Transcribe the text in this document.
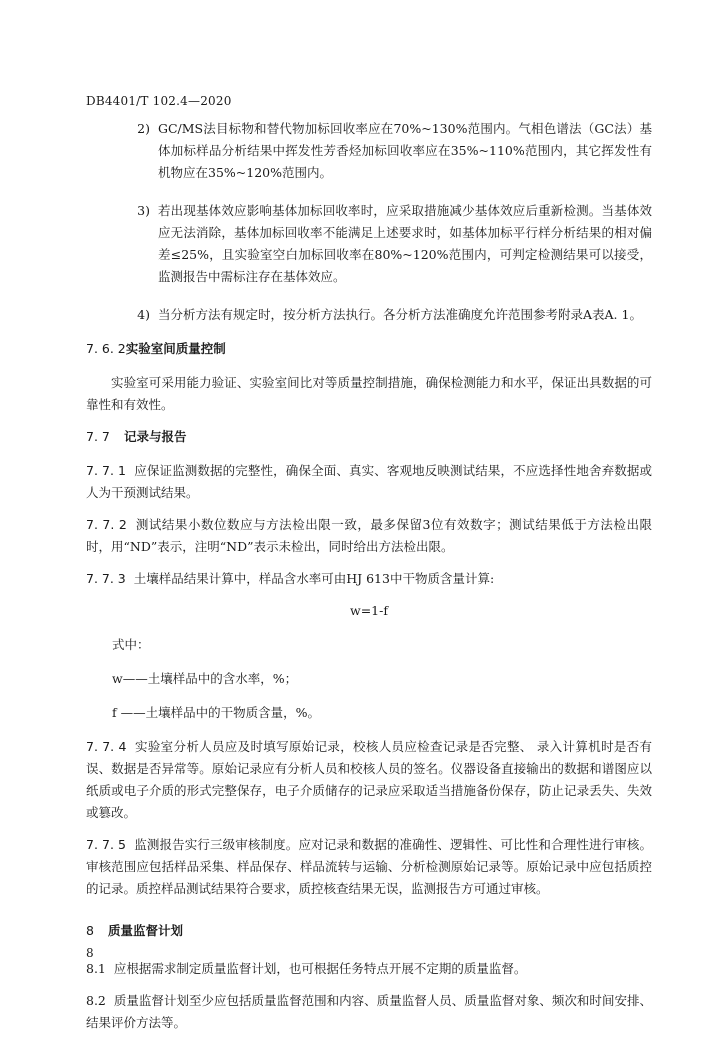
DB4401/T 102.4—2020
2) GC/MS法目标物和替代物加标回收率应在70%~130%范围内。气相色谱法（GC法）基体加标样品分析结果中挥发性芳香烃加标回收率应在35%~110%范围内，其它挥发性有机物应在35%~120%范围内。
3) 若出现基体效应影响基体加标回收率时，应采取措施减少基体效应后重新检测。当基体效应无法消除，基体加标回收率不能满足上述要求时，如基体加标平行样分析结果的相对偏差≤25%，且实验室空白加标回收率在80%~120%范围内，可判定检测结果可以接受，监测报告中需标注存在基体效应。
4) 当分析方法有规定时，按分析方法执行。各分析方法准确度允许范围参考附录A表A. 1。
7. 6. 2实验室间质量控制
实验室可采用能力验证、实验室间比对等质量控制措施，确保检测能力和水平，保证出具数据的可靠性和有效性。
7. 7 记录与报告
7. 7. 1 应保证监测数据的完整性，确保全面、真实、客观地反映测试结果，不应选择性地舍弃数据或人为干预测试结果。
7. 7. 2 测试结果小数位数应与方法检出限一致，最多保留3位有效数字；测试结果低于方法检出限时，用“ND”表示，注明“ND”表示未检出，同时给出方法检出限。
7. 7. 3 土壤样品结果计算中，样品含水率可由HJ 613中干物质含量计算:
w=1-f
式中：
w——土壤样品中的含水率，%；
f ——土壤样品中的干物质含量，%。
7. 7. 4 实验室分析人员应及时填写原始记录，校核人员应检查记录是否完整、 录入计算机时是否有误、数据是否异常等。原始记录应有分析人员和校核人员的签名。仪器设备直接输出的数据和谱图应以纸质或电子介质的形式完整保存，电子介质储存的记录应采取适当措施备份保存，防止记录丢失、失效或篡改。
7. 7. 5 监测报告实行三级审核制度。应对记录和数据的准确性、逻辑性、可比性和合理性进行审核。审核范围应包括样品采集、样品保存、样品流转与运输、分析检测原始记录等。原始记录中应包括质控的记录。质控样品测试结果符合要求，质控核查结果无误，监测报告方可通过审核。
8 质量监督计划
8.1 应根据需求制定质量监督计划，也可根据任务特点开展不定期的质量监督。
8.2 质量监督计划至少应包括质量监督范围和内容、质量监督人员、质量监督对象、频次和时间安排、结果评价方法等。
8
